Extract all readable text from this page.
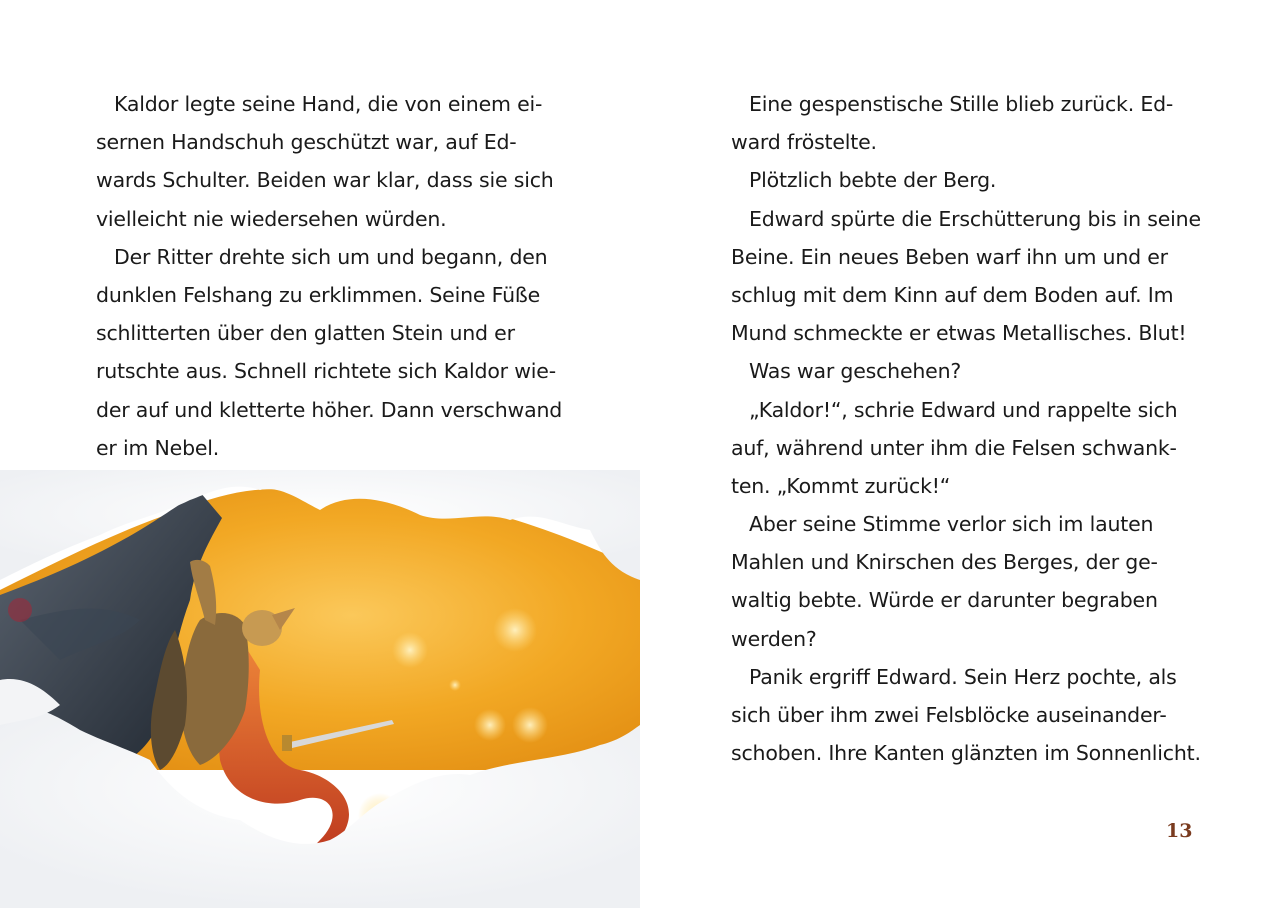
Kaldor legte seine Hand, die von einem ei-
sernen Handschuh geschützt war, auf Ed-
wards Schulter. Beiden war klar, dass sie sich
vielleicht nie wiedersehen würden.
Der Ritter drehte sich um und begann, den
dunklen Felshang zu erklimmen. Seine Füße
schlitterten über den glatten Stein und er
rutschte aus. Schnell richtete sich Kaldor wie-
der auf und kletterte höher. Dann verschwand
er im Nebel.
Eine gespenstische Stille blieb zurück. Ed-
ward fröstelte.
Plötzlich bebte der Berg.
Edward spürte die Erschütterung bis in seine
Beine. Ein neues Beben warf ihn um und er
schlug mit dem Kinn auf dem Boden auf. Im
Mund schmeckte er etwas Metallisches. Blut!
Was war geschehen?
„Kaldor!“, schrie Edward und rappelte sich
auf, während unter ihm die Felsen schwank-
ten. „Kommt zurück!“
Aber seine Stimme verlor sich im lauten
Mahlen und Knirschen des Berges, der ge-
waltig bebte. Würde er darunter begraben
werden?
Panik ergriff Edward. Sein Herz pochte, als
sich über ihm zwei Felsblöcke auseinander-
schoben. Ihre Kanten glänzten im Sonnenlicht.
13
